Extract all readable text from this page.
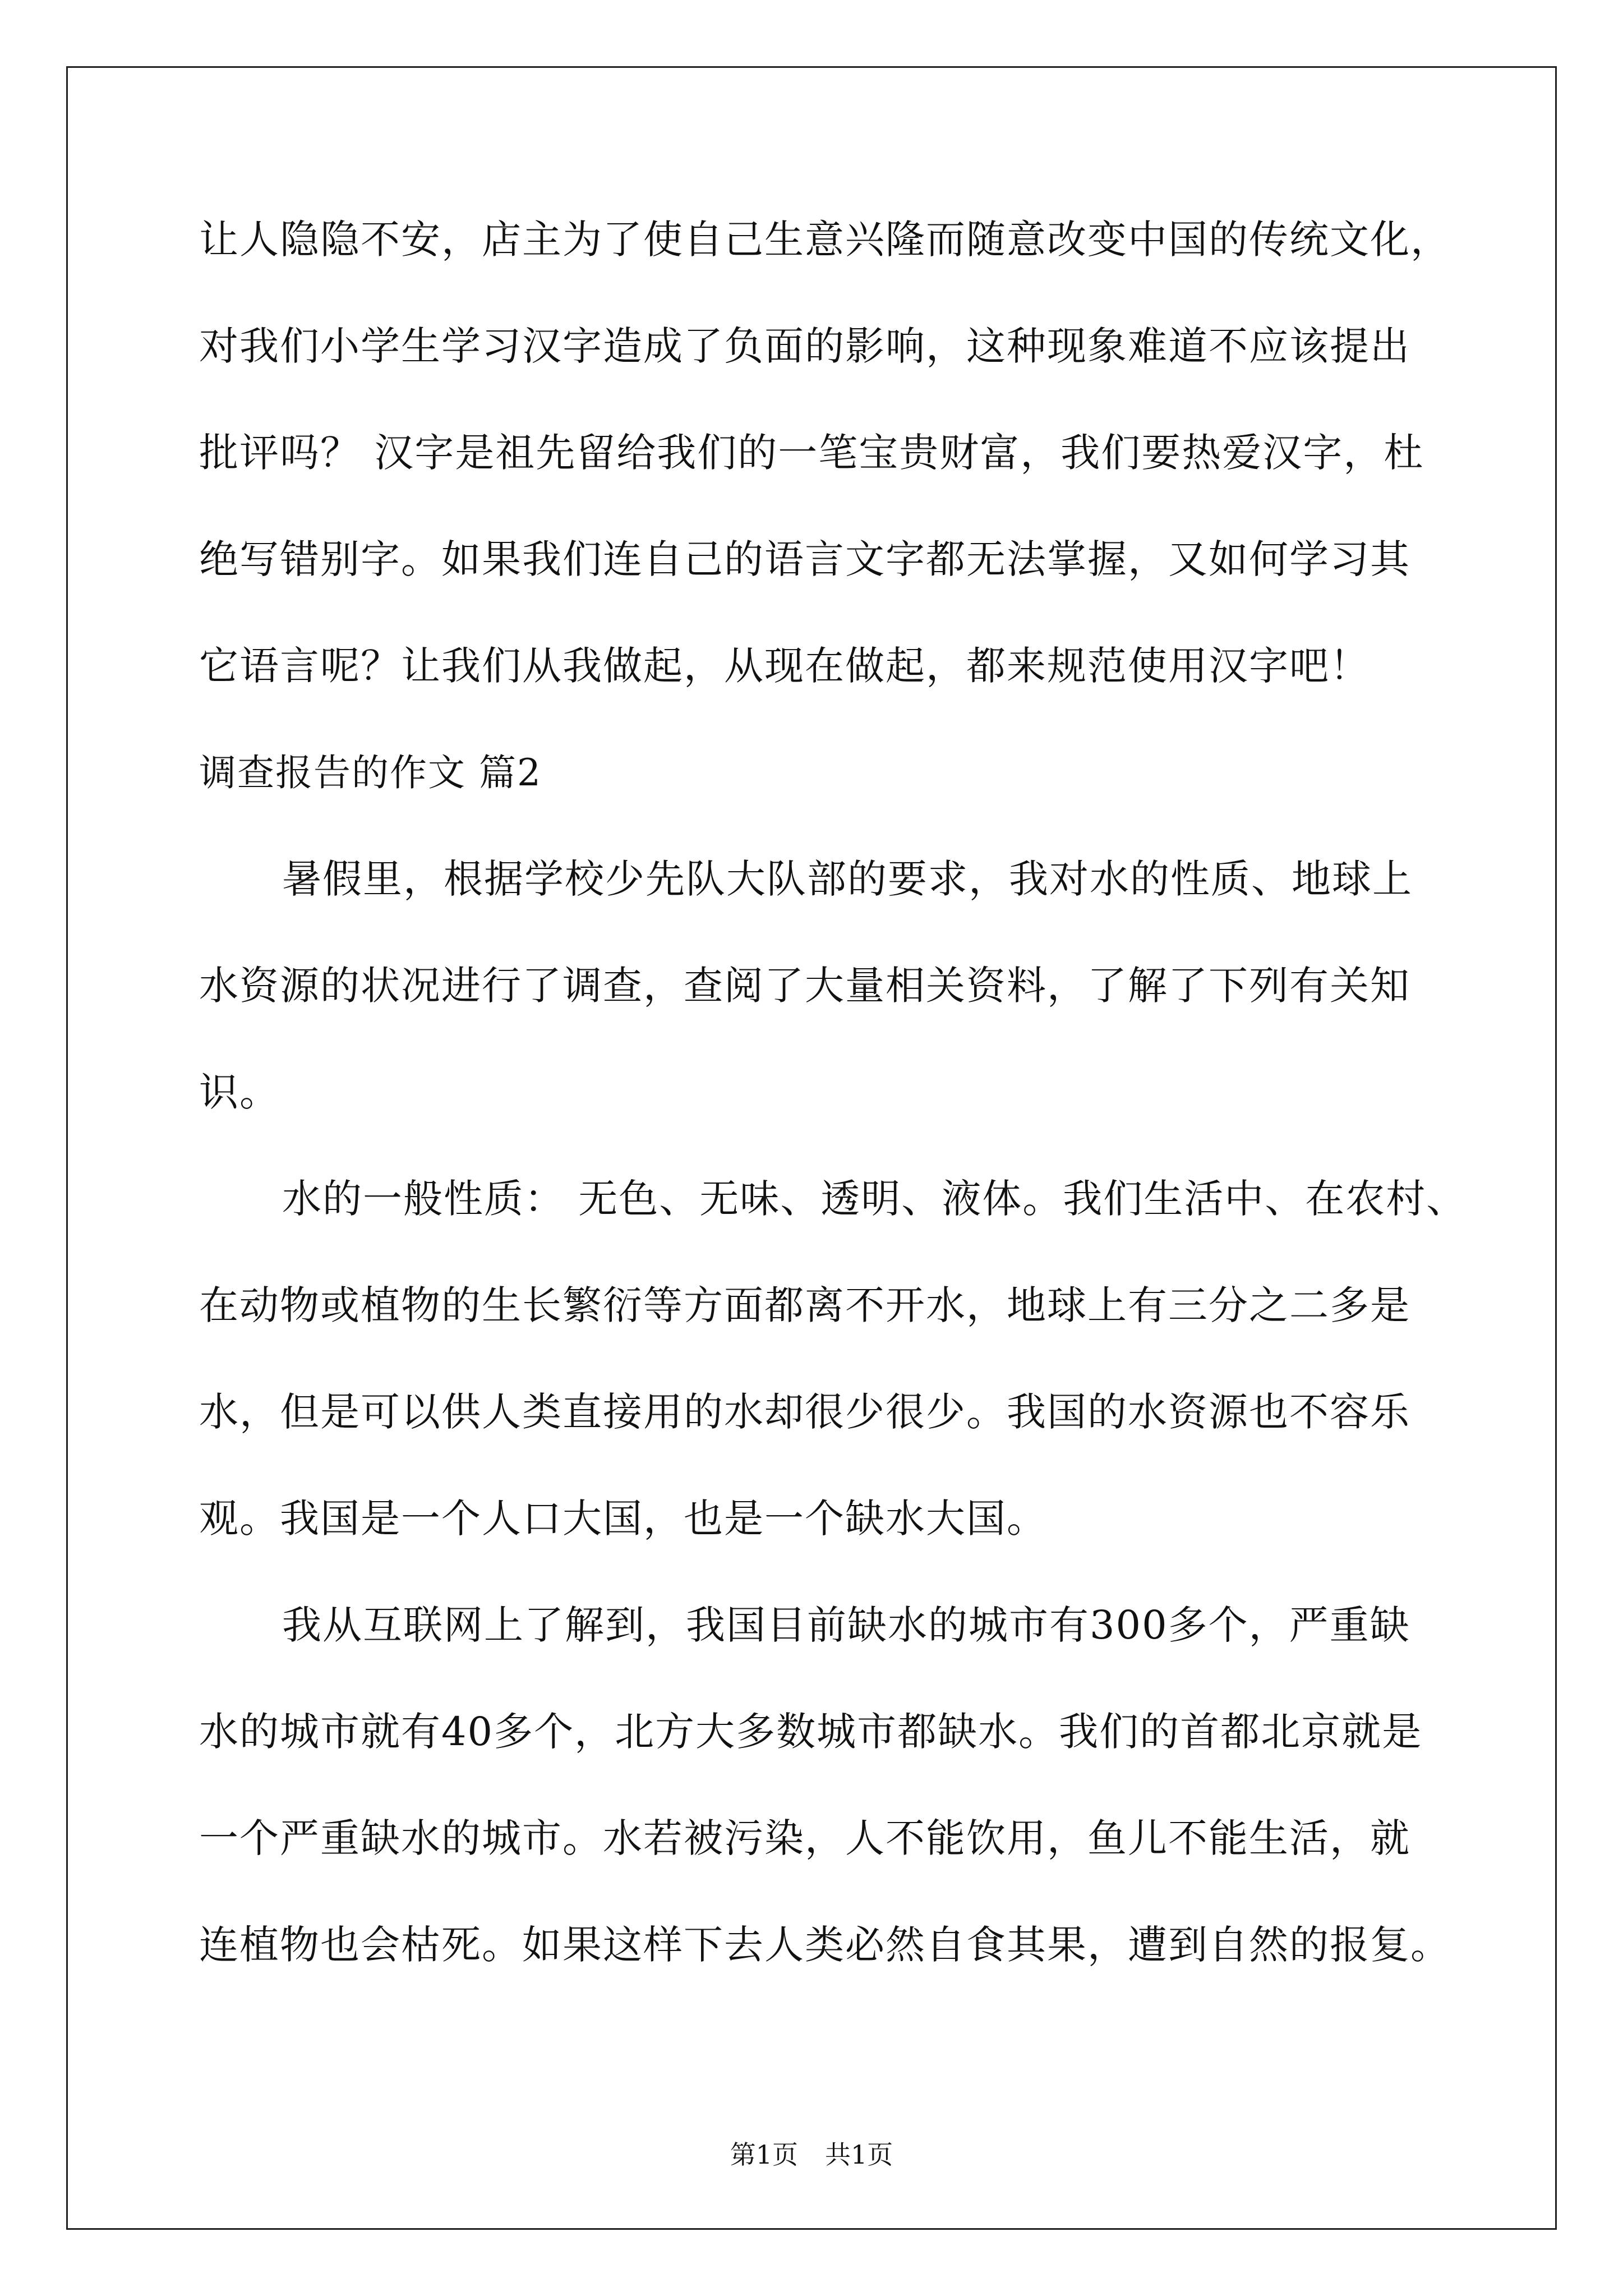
让人隐隐不安，店主为了使自己生意兴隆而随意改变中国的传统文化，
对我们小学生学习汉字造成了负面的影响，这种现象难道不应该提出
批评吗？ 汉字是祖先留给我们的一笔宝贵财富，我们要热爱汉字，杜
绝写错别字。如果我们连自己的语言文字都无法掌握，又如何学习其
它语言呢？让我们从我做起，从现在做起，都来规范使用汉字吧！
调查报告的作文 篇2
暑假里，根据学校少先队大队部的要求，我对水的性质、地球上
水资源的状况进行了调查，查阅了大量相关资料，了解了下列有关知
识。
水的一般性质： 无色、无味、透明、液体。我们生活中、在农村、
在动物或植物的生长繁衍等方面都离不开水，地球上有三分之二多是
水，但是可以供人类直接用的水却很少很少。我国的水资源也不容乐
观。我国是一个人口大国，也是一个缺水大国。
我从互联网上了解到，我国目前缺水的城市有300多个，严重缺
水的城市就有40多个，北方大多数城市都缺水。我们的首都北京就是
一个严重缺水的城市。水若被污染，人不能饮用，鱼儿不能生活，就
连植物也会枯死。如果这样下去人类必然自食其果，遭到自然的报复。
第1页 共1页
